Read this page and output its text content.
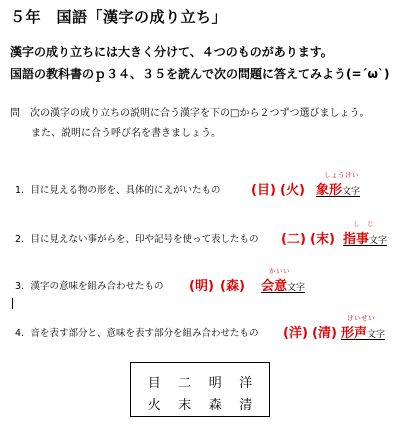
５年　国語「漢字の成り立ち」
漢字の成り立ちには大きく分けて、４つのものがあります。
国語の教科書のｐ３４、３５を読んで次の問題に答えてみよう(=´ω`)
問　次の漢字の成り立ちの説明に合う漢字を下の□から２つずつ選びましょう。
また、説明に合う呼び名を書きましょう。
1．目に見える物の形を、具体的にえがいたもの (目) (火)
しょうけい
象形文字
2．目に見えない事がらを、印や記号を使って表したもの (二) (末)
し　じ
指事文字
3．漢字の意味を組み合わせたもの (明) (森)
かいい
会意文字
4．音を表す部分と、意味を表す部分を組み合わせたもの (洋) (清)
けいせい
形声文字
目 二 明 洋
火 末 森 清
